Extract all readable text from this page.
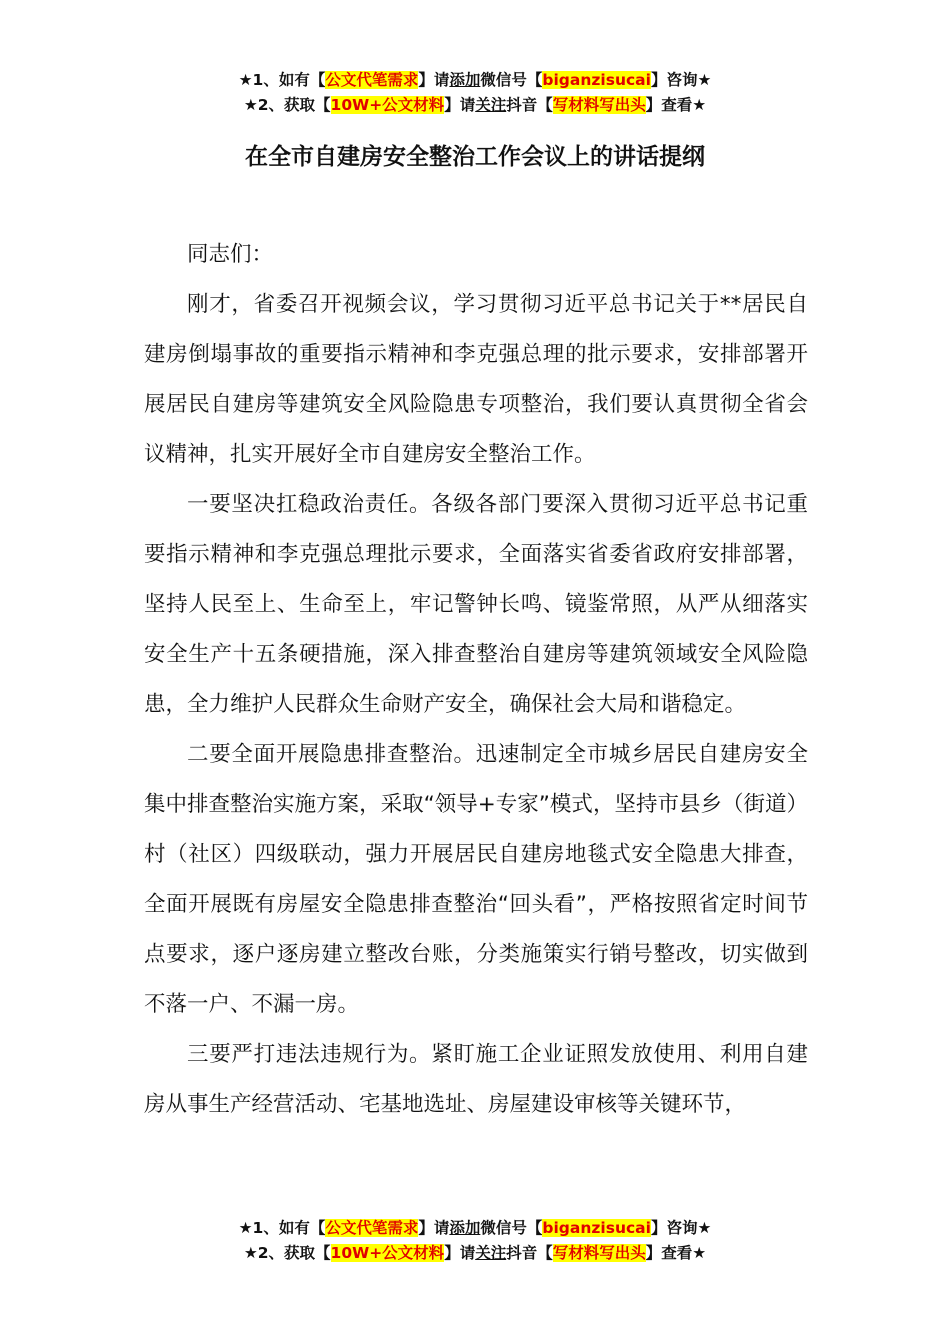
★1、如有【公文代笔需求】请添加微信号【biganzisucai】咨询★
★2、获取【10W+公文材料】请关注抖音【写材料写出头】查看★
在全市自建房安全整治工作会议上的讲话提纲

同志们：

刚才，省委召开视频会议，学习贯彻习近平总书记关于**居民自建房倒塌事故的重要指示精神和李克强总理的批示要求，安排部署开展居民自建房等建筑安全风险隐患专项整治，我们要认真贯彻全省会议精神，扎实开展好全市自建房安全整治工作。

一要坚决扛稳政治责任。各级各部门要深入贯彻习近平总书记重要指示精神和李克强总理批示要求，全面落实省委省政府安排部署，坚持人民至上、生命至上，牢记警钟长鸣、镜鉴常照，从严从细落实安全生产十五条硬措施，深入排查整治自建房等建筑领域安全风险隐患，全力维护人民群众生命财产安全，确保社会大局和谐稳定。

二要全面开展隐患排查整治。迅速制定全市城乡居民自建房安全集中排查整治实施方案，采取“领导+专家”模式，坚持市县乡（街道）村（社区）四级联动，强力开展居民自建房地毯式安全隐患大排查，全面开展既有房屋安全隐患排查整治“回头看”，严格按照省定时间节点要求，逐户逐房建立整改台账，分类施策实行销号整改，切实做到不落一户、不漏一房。

三要严打违法违规行为。紧盯施工企业证照发放使用、利用自建房从事生产经营活动、宅基地选址、房屋建设审核等关键环节，

★1、如有【公文代笔需求】请添加微信号【biganzisucai】咨询★
★2、获取【10W+公文材料】请关注抖音【写材料写出头】查看★
